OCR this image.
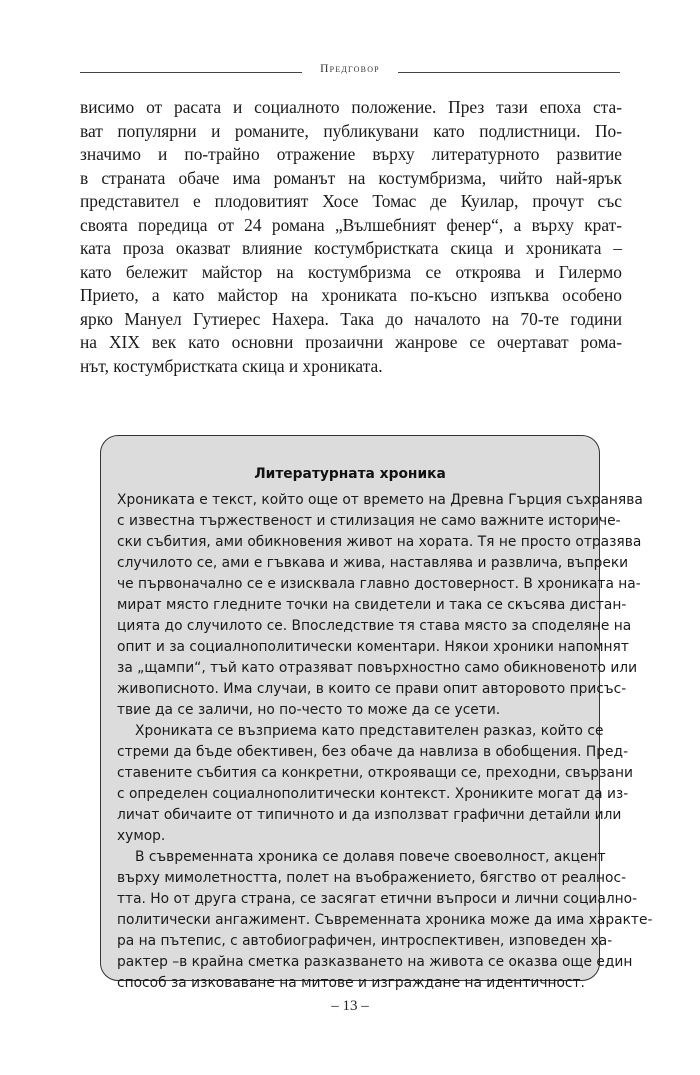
Предговор
висимо от расата и социалното положение. През тази епоха ста-
ват популярни и романите, публикувани като подлистници. По-
значимо и по-трайно отражение върху литературното развитие
в страната обаче има романът на костумбризма, чийто най-ярък
представител е плодовитият Хосе Томас де Куилар, прочут със
своята поредица от 24 романа „Вълшебният фенер“, а върху крат-
ката проза оказват влияние костумбристката скица и хрониката –
като бележит майстор на костумбризма се откроява и Гилермо
Прието, а като майстор на хрониката по-късно изпъква особено
ярко Мануел Гутиерес Нахера. Така до началото на 70-те години
на XIX век като основни прозаични жанрове се очертават рома-
нът, костумбристката скица и хрониката.
Литературната хроника
Хрониката е текст, който още от времето на Древна Гърция съхранява
с известна тържественост и стилизация не само важните историче-
ски събития, ами обикновения живот на хората. Тя не просто отразява
случилото се, ами е гъвкава и жива, наставлява и развлича, въпреки
че първоначално се е изисквала главно достоверност. В хрониката на-
мират място гледните точки на свидетели и така се скъсява дистан-
цията до случилото се. Впоследствие тя става място за споделяне на
опит и за социалнополитически коментари. Някои хроники напомнят
за „щампи“, тъй като отразяват повърхностно само обикновеното или
живописното. Има случаи, в които се прави опит авторовото присъс-
твие да се заличи, но по-често то може да се усети.
Хрониката се възприема като представителен разказ, който се
стреми да бъде обективен, без обаче да навлиза в обобщения. Пред-
ставените събития са конкретни, открояващи се, преходни, свързани
с определен социалнополитически контекст. Хрониките могат да из-
личат обичаите от типичното и да използват графични детайли или
хумор.
В съвременната хроника се долавя повече своеволност, акцент
върху мимолетността, полет на въображението, бягство от реалнос-
тта. Но от друга страна, се засягат етични въпроси и лични социално-
политически ангажимент. Съвременната хроника може да има характе-
ра на пътепис, с автобиографичен, интроспективен, изповеден ха-
рактер –в крайна сметка разказването на живота се оказва още един
способ за изковаване на митове и изграждане на идентичност.
– 13 –
